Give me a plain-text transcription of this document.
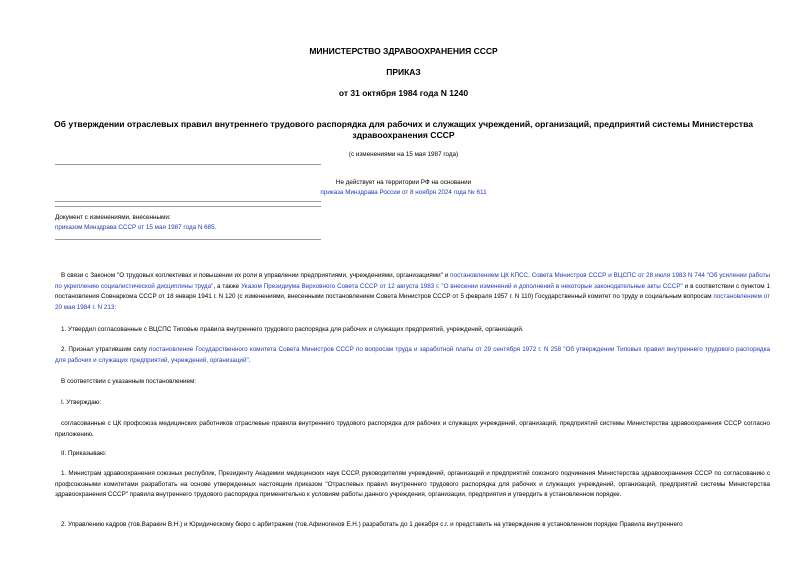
МИНИСТЕРСТВО ЗДРАВООХРАНЕНИЯ СССР
ПРИКАЗ
от 31 октября 1984 года N 1240
Об утверждении отраслевых правил внутреннего трудового распорядка для рабочих и служащих учреждений, организаций, предприятий системы Министерства здравоохранения СССР
(с изменениями на 15 мая 1987 года)
Не действует на территории РФ на основании
приказа Минздрава России от 8 ноября 2024 года № 611
Документ с изменениями, внесенными:
приказом Минздрава СССР от 15 мая 1987 года N 685.
В связи с Законом "О трудовых коллективах и повышении их роли в управлении предприятиями, учреждениями, организациями" и постановлением ЦК КПСС, Совета Министров СССР и ВЦСПС от 28 июля 1983 N 744 "Об усилении работы по укреплению социалистической дисциплины труда", а также Указом Президиума Верховного Совета СССР от 12 августа 1983 г. "О внесении изменений и дополнений в некоторые законодательные акты СССР" и в соответствии с пунктом 1 постановления Совнаркома СССР от 18 января 1941 г. N 120 (с изменениями, внесенными постановлением Совета Министров СССР от 5 февраля 1957 г. N 110) Государственный комитет по труду и социальным вопросам постановлением от 20 мая 1984 г. N 213:
1. Утвердил согласованные с ВЦСПС Типовые правила внутреннего трудового распорядка для рабочих и служащих предприятий, учреждений, организаций.
2. Признал утратившим силу постановление Государственного комитета Совета Министров СССР по вопросам труда и заработной платы от 29 сентября 1972 г. N 258 "Об утверждении Типовых правил внутреннего трудового распорядка для рабочих и служащих предприятий, учреждений, организаций".
В соответствии с указанным постановлением:
I. Утверждаю:
согласованные с ЦК профсоюза медицинских работников отраслевые правила внутреннего трудового распорядка для рабочих и служащих учреждений, организаций, предприятий системы Министерства здравоохранения СССР согласно приложению.
II. Приказываю:
1. Министрам здравоохранения союзных республик, Президенту Академии медицинских наук СССР, руководителям учреждений, организаций и предприятий союзного подчинения Министерства здравоохранения СССР по согласованию с профсоюзными комитетами разработать на основе утвержденных настоящим приказом "Отраслевых правил внутреннего трудового распорядка для рабочих и служащих учреждений, организаций, предприятий системы Министерства здравоохранения СССР" правила внутреннего трудового распорядка применительно к условиям работы данного учреждения, организации, предприятия и утвердить в установленном порядке.
2. Управлению кадров (тов.Варакин В.Н.) и Юридическому бюро с арбитражем (тов.Афиногенов Е.Н.) разработать до 1 декабря с.г. и представить на утверждение в установленном порядке Правила внутреннего
